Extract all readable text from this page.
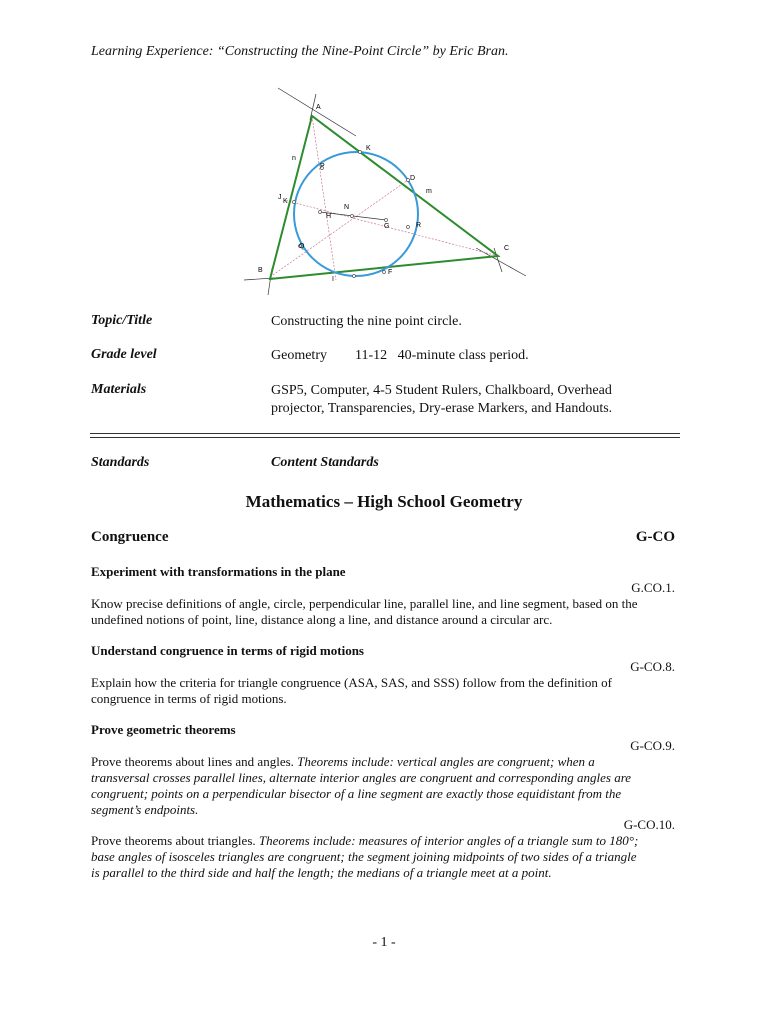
Learning Experience: “Constructing the Nine-Point Circle” by Eric Bran.
A
B
C
K
D
P
J
K
N
H
G	R
Q
I
F
n
m
Topic/Title	Constructing the nine point circle.
Grade level	Geometry        11-12   40-minute class period.
Materials	GSP5, Computer, 4-5 Student Rulers, Chalkboard, Overhead
projector, Transparencies, Dry-erase Markers, and Handouts.
Standards	Content Standards
Mathematics – High School Geometry
Congruence	G-CO
Experiment with transformations in the plane
G.CO.1.
Know precise definitions of angle, circle, perpendicular line, parallel line, and line segment, based on the
undefined notions of point, line, distance along a line, and distance around a circular arc.
Understand congruence in terms of rigid motions
G-CO.8.
Explain how the criteria for triangle congruence (ASA, SAS, and SSS) follow from the definition of
congruence in terms of rigid motions.
Prove geometric theorems
G-CO.9.
Prove theorems about lines and angles. Theorems include: vertical angles are congruent; when a
transversal crosses parallel lines, alternate interior angles are congruent and corresponding angles are
congruent; points on a perpendicular bisector of a line segment are exactly those equidistant from the
segment’s endpoints.
G-CO.10.
Prove theorems about triangles. Theorems include: measures of interior angles of a triangle sum to 180°;
base angles of isosceles triangles are congruent; the segment joining midpoints of two sides of a triangle
is parallel to the third side and half the length; the medians of a triangle meet at a point.
- 1 -
